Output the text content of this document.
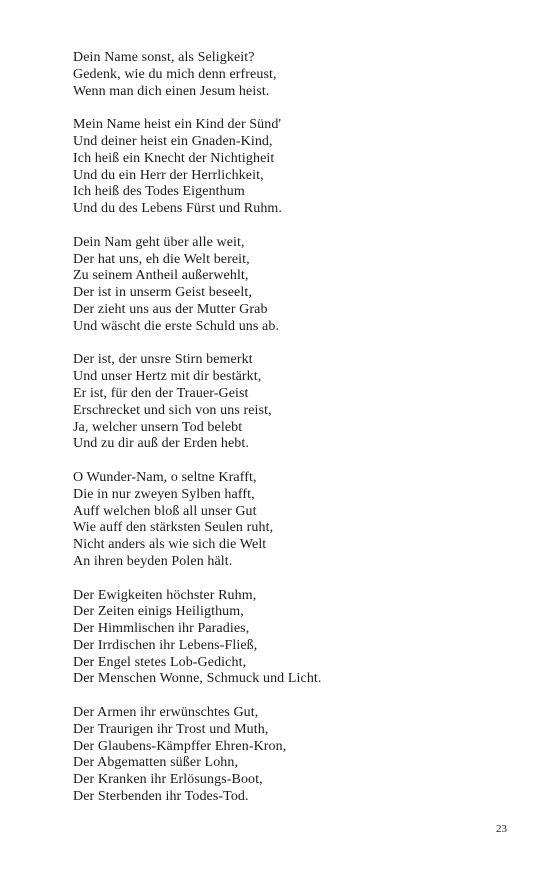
Dein Name sonst, als Seligkeit?
Gedenk, wie du mich denn erfreust,
Wenn man dich einen Jesum heist.
Mein Name heist ein Kind der Sünd'
Und deiner heist ein Gnaden-Kind,
Ich heiß ein Knecht der Nichtigheit
Und du ein Herr der Herrlichkeit,
Ich heiß des Todes Eigenthum
Und du des Lebens Fürst und Ruhm.
Dein Nam geht über alle weit,
Der hat uns, eh die Welt bereit,
Zu seinem Antheil außerwehlt,
Der ist in unserm Geist beseelt,
Der zieht uns aus der Mutter Grab
Und wäscht die erste Schuld uns ab.
Der ist, der unsre Stirn bemerkt
Und unser Hertz mit dir bestärkt,
Er ist, für den der Trauer-Geist
Erschrecket und sich von uns reist,
Ja, welcher unsern Tod belebt
Und zu dir auß der Erden hebt.
O Wunder-Nam, o seltne Krafft,
Die in nur zweyen Sylben hafft,
Auff welchen bloß all unser Gut
Wie auff den stärksten Seulen ruht,
Nicht anders als wie sich die Welt
An ihren beyden Polen hält.
Der Ewigkeiten höchster Ruhm,
Der Zeiten einigs Heiligthum,
Der Himmlischen ihr Paradies,
Der Irrdischen ihr Lebens-Fließ,
Der Engel stetes Lob-Gedicht,
Der Menschen Wonne, Schmuck und Licht.
Der Armen ihr erwünschtes Gut,
Der Traurigen ihr Trost und Muth,
Der Glaubens-Kämpffer Ehren-Kron,
Der Abgematten süßer Lohn,
Der Kranken ihr Erlösungs-Boot,
Der Sterbenden ihr Todes-Tod.
23
